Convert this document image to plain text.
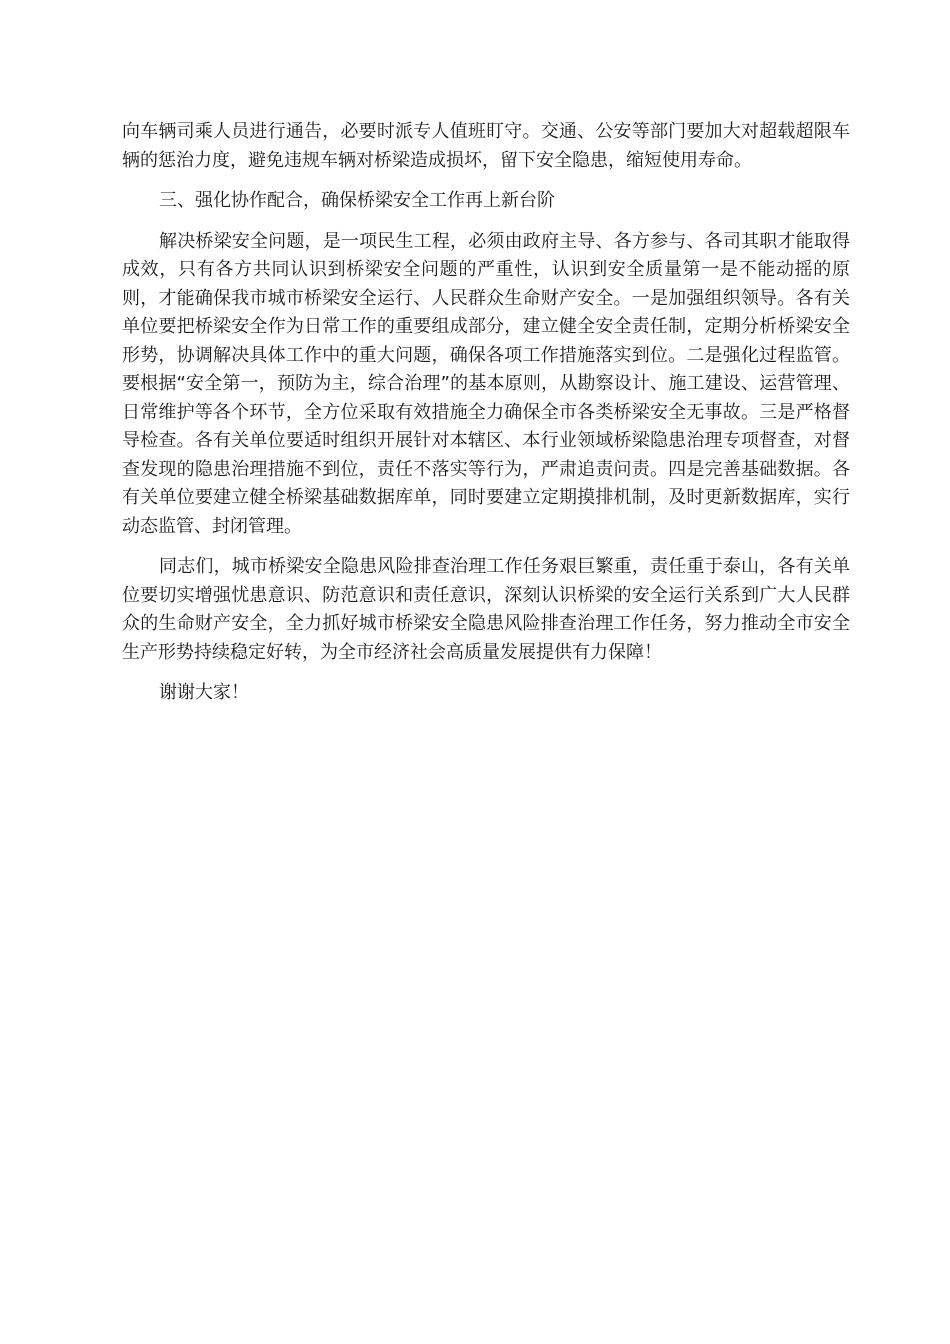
向车辆司乘人员进行通告，必要时派专人值班盯守。交通、公安等部门要加大对超载超限车辆的惩治力度，避免违规车辆对桥梁造成损坏，留下安全隐患，缩短使用寿命。

三、强化协作配合，确保桥梁安全工作再上新台阶

解决桥梁安全问题，是一项民生工程，必须由政府主导、各方参与、各司其职才能取得成效，只有各方共同认识到桥梁安全问题的严重性，认识到安全质量第一是不能动摇的原则，才能确保我市城市桥梁安全运行、人民群众生命财产安全。一是加强组织领导。各有关单位要把桥梁安全作为日常工作的重要组成部分，建立健全安全责任制，定期分析桥梁安全形势，协调解决具体工作中的重大问题，确保各项工作措施落实到位。二是强化过程监管。要根据“安全第一，预防为主，综合治理”的基本原则，从勘察设计、施工建设、运营管理、日常维护等各个环节，全方位采取有效措施全力确保全市各类桥梁安全无事故。三是严格督导检查。各有关单位要适时组织开展针对本辖区、本行业领域桥梁隐患治理专项督查，对督查发现的隐患治理措施不到位，责任不落实等行为，严肃追责问责。四是完善基础数据。各有关单位要建立健全桥梁基础数据库单，同时要建立定期摸排机制，及时更新数据库，实行动态监管、封闭管理。

同志们，城市桥梁安全隐患风险排查治理工作任务艰巨繁重，责任重于泰山，各有关单位要切实增强忧患意识、防范意识和责任意识，深刻认识桥梁的安全运行关系到广大人民群众的生命财产安全，全力抓好城市桥梁安全隐患风险排查治理工作任务，努力推动全市安全生产形势持续稳定好转，为全市经济社会高质量发展提供有力保障！

谢谢大家！
